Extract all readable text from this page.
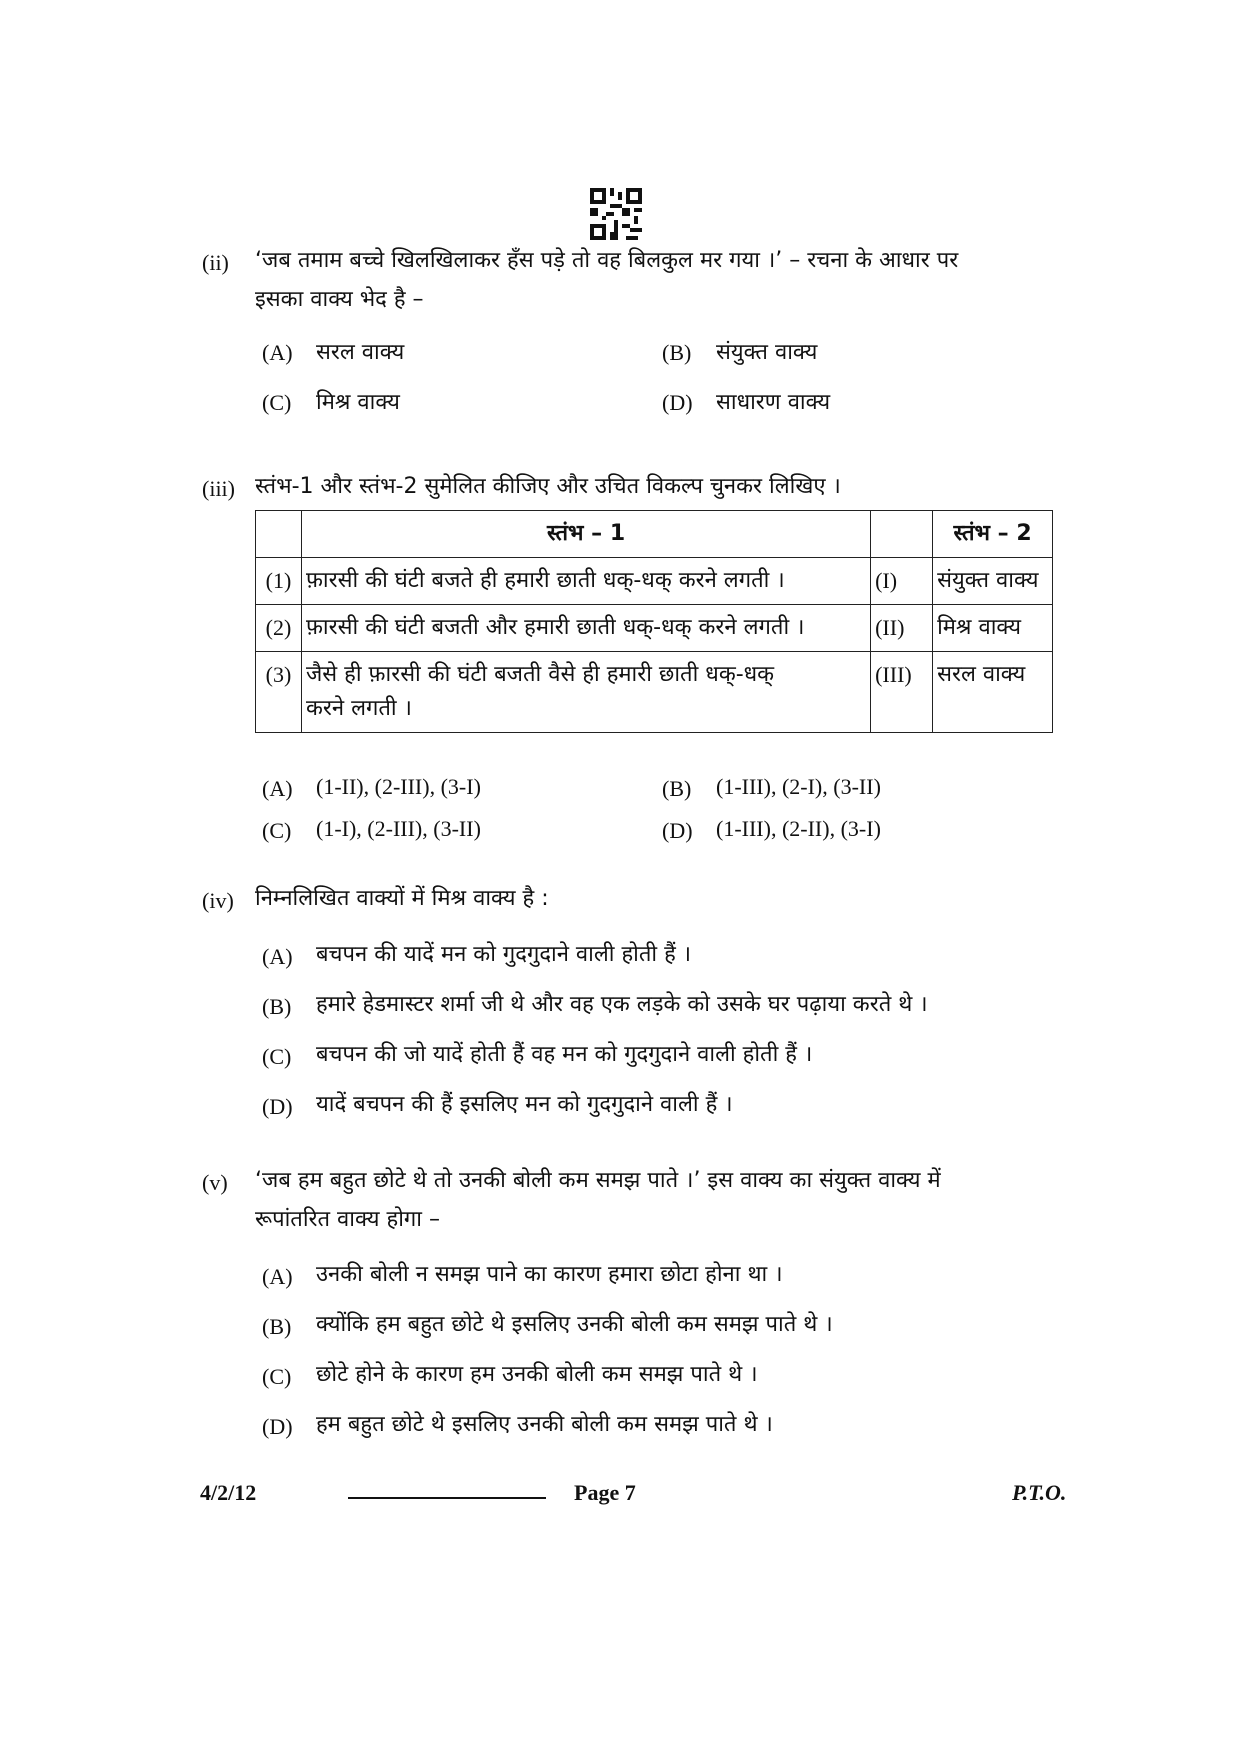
(ii) ‘जब तमाम बच्चे खिलखिलाकर हँस पड़े तो वह बिलकुल मर गया ।’ – रचना के आधार पर
इसका वाक्य भेद है –
(A) सरल वाक्य	(B) संयुक्त वाक्य
(C) मिश्र वाक्य	(D) साधारण वाक्य
(iii) स्तंभ-1 और स्तंभ-2 सुमेलित कीजिए और उचित विकल्प चुनकर लिखिए ।
	स्तंभ – 1		स्तंभ – 2
(1)	फ़ारसी की घंटी बजते ही हमारी छाती धक्-धक् करने लगती ।	(I)	संयुक्त वाक्य
(2)	फ़ारसी की घंटी बजती और हमारी छाती धक्-धक् करने लगती ।	(II)	मिश्र वाक्य
(3)	जैसे ही फ़ारसी की घंटी बजती वैसे ही हमारी छाती धक्-धक्
करने लगती ।	(III)	सरल वाक्य
(A) (1-II), (2-III), (3-I)	(B) (1-III), (2-I), (3-II)
(C) (1-I), (2-III), (3-II)	(D) (1-III), (2-II), (3-I)
(iv) निम्नलिखित वाक्यों में मिश्र वाक्य है :
(A) बचपन की यादें मन को गुदगुदाने वाली होती हैं ।
(B) हमारे हेडमास्टर शर्मा जी थे और वह एक लड़के को उसके घर पढ़ाया करते थे ।
(C) बचपन की जो यादें होती हैं वह मन को गुदगुदाने वाली होती हैं ।
(D) यादें बचपन की हैं इसलिए मन को गुदगुदाने वाली हैं ।
(v) ‘जब हम बहुत छोटे थे तो उनकी बोली कम समझ पाते ।’ इस वाक्य का संयुक्त वाक्य में
रूपांतरित वाक्य होगा –
(A) उनकी बोली न समझ पाने का कारण हमारा छोटा होना था ।
(B) क्योंकि हम बहुत छोटे थे इसलिए उनकी बोली कम समझ पाते थे ।
(C) छोटे होने के कारण हम उनकी बोली कम समझ पाते थे ।
(D) हम बहुत छोटे थे इसलिए उनकी बोली कम समझ पाते थे ।
4/2/12	Page 7	P.T.O.
